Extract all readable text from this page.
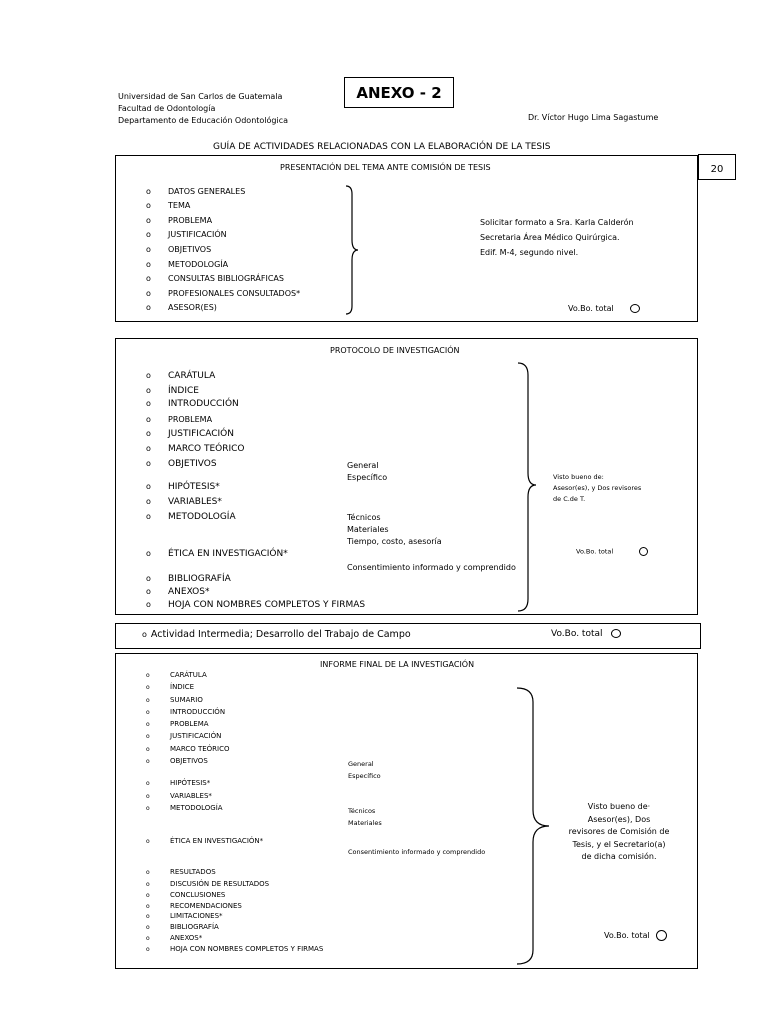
Universidad de San Carlos de Guatemala
Facultad de Odontología
Departamento de Educación Odontológica
ANEXO - 2
Dr. Víctor Hugo Lima Sagastume
GUÍA DE ACTIVIDADES RELACIONADAS CON LA ELABORACIÓN DE LA TESIS
20
PRESENTACIÓN DEL TEMA ANTE COMISIÓN DE TESIS
o DATOS GENERALES
o TEMA
o PROBLEMA
o JUSTIFICACIÓN
o OBJETIVOS
o METODOLOGÍA
o CONSULTAS BIBLIOGRÁFICAS
o PROFESIONALES CONSULTADOS*
o ASESOR(ES)
Solicitar formato a Sra. Karla Calderón
Secretaria Área Médico Quirúrgica.
Edif. M-4, segundo nivel.
Vo.Bo. total
PROTOCOLO DE INVESTIGACIÓN
o CARÁTULA
o ÍNDICE
o INTRODUCCIÓN
o PROBLEMA
o JUSTIFICACIÓN
o MARCO TEÓRICO
o OBJETIVOS
o HIPÓTESIS*
o VARIABLES*
o METODOLOGÍA
o ÉTICA EN INVESTIGACIÓN*
o BIBLIOGRAFÍA
o ANEXOS*
o HOJA CON NOMBRES COMPLETOS Y FIRMAS
General
Específico
Técnicos
Materiales
Tiempo, costo, asesoría
Consentimiento informado y comprendido
Visto bueno de:
Asesor(es), y Dos revisores
de C.de T.
Vo.Bo. total
o Actividad Intermedia; Desarrollo del Trabajo de Campo	Vo.Bo. total
INFORME FINAL DE LA INVESTIGACIÓN
o	CARÁTULA
o	ÍNDICE
o	SUMARIO
o	INTRODUCCIÓN
o	PROBLEMA
o	JUSTIFICACIÓN
o	MARCO TEÓRICO
o	OBJETIVOS
o	HIPÓTESIS*
o	VARIABLES*
o	METODOLOGÍA
o	ÉTICA EN INVESTIGACIÓN*
o	RESULTADOS
o	DISCUSIÓN DE RESULTADOS
o	CONCLUSIONES
o	RECOMENDACIONES
o	LIMITACIONES*
o	BIBLIOGRAFÍA
o	ANEXOS*
o	HOJA CON NOMBRES COMPLETOS Y FIRMAS
General
Específico
Técnicos
Materiales
Consentimiento informado y comprendido
Visto bueno de·
Asesor(es), Dos
revisores de Comisión de
Tesis, y el Secretario(a)
de dicha comisión.
Vo.Bo. total
